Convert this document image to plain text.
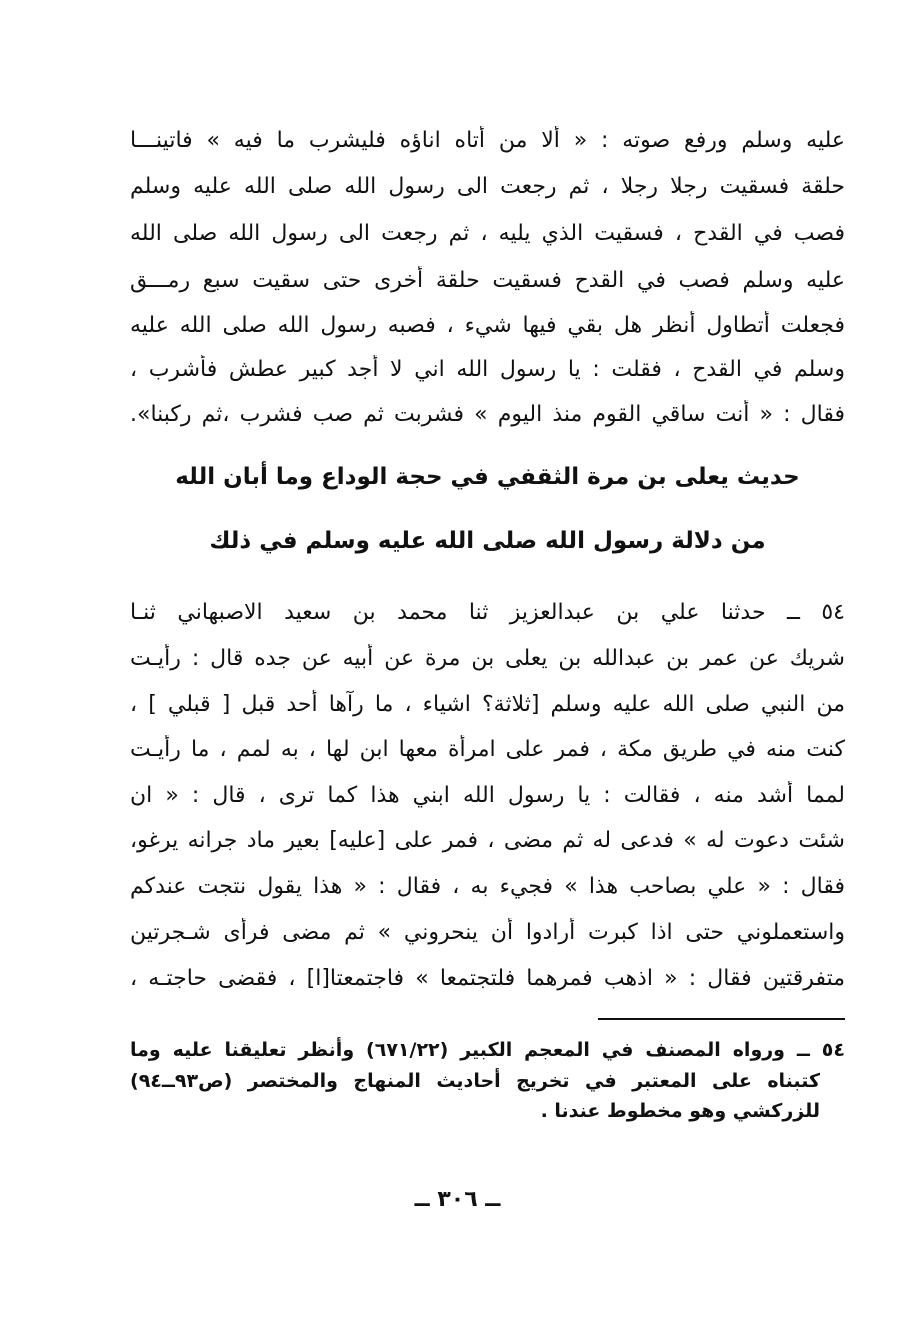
عليه وسلم ورفع صوته : « ألا من أتاه اناؤه فليشرب ما فيه » فاتينـــا
حلقة فسقيت رجلا رجلا ، ثم رجعت الى رسول الله صلى الله عليه وسلم
فصب في القدح ، فسقيت الذي يليه ، ثم رجعت الى رسول الله صلى الله
عليه وسلم فصب في القدح فسقيت حلقة أخرى حتى سقيت سبع رمـــق
فجعلت أتطاول أنظر هل بقي فيها شيء ، فصبه رسول الله صلى الله عليه
وسلم في القدح ، فقلت : يا رسول الله اني لا أجد كبير عطش فأشرب ،
فقال : « أنت ساقي القوم منذ اليوم » فشربت ثم صب فشرب ،ثم ركبنا».
حديث يعلى بن مرة الثقفي في حجة الوداع وما أبان الله
من دلالة رسول الله صلى الله عليه وسلم في ذلك
٥٤ ــ حدثنا علي بن عبدالعزيز ثنا محمد بن سعيد الاصبهاني ثنـا
شريك عن عمر بن عبدالله بن يعلى بن مرة عن أبيه عن جده قال : رأيـت
من النبي صلى الله عليه وسلم [ثلاثة؟ اشياء ، ما رآها أحد قبل [ قبلي ] ،
كنت منه في طريق مكة ، فمر على امرأة معها ابن لها ، به لمم ، ما رأيـت
لمما أشد منه ، فقالت : يا رسول الله ابني هذا كما ترى ، قال : « ان
شئت دعوت له » فدعى له ثم مضى ، فمر على [عليه] بعير ماد جرانه يرغو،
فقال : « علي بصاحب هذا » فجيء به ، فقال : « هذا يقول نتجت عندكم
واستعملوني حتى اذا كبرت أرادوا أن ينحروني » ثم مضى فرأى شـجرتين
متفرقتين فقال : « اذهب فمرهما فلتجتمعا » فاجتمعتا[ا] ، فقضى حاجتـه ،
٥٤ ــ ورواه المصنف في المعجم الكبير (٦٧١/٢٢) وأنظر تعليقنا عليه وما
كتبناه على المعتبر في تخريج أحاديث المنهاج والمختصر (ص٩٣ــ٩٤)
للزركشي وهو مخطوط عندنا .
ــ ٣٠٦ ــ
